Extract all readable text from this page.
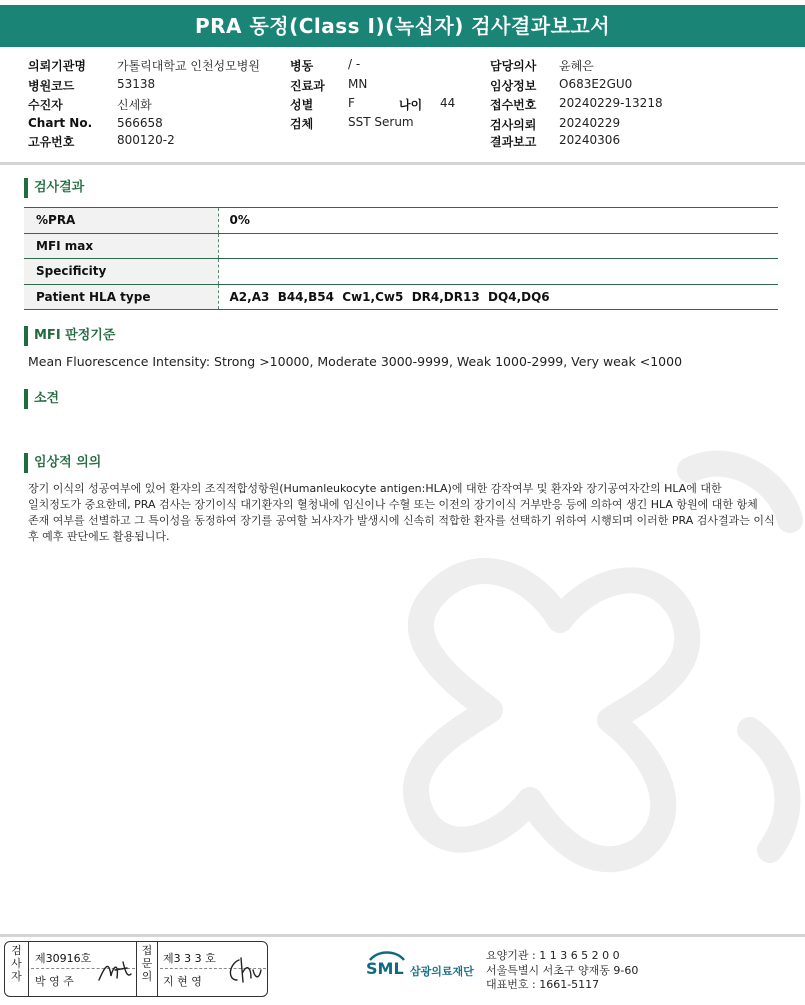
PRA 동정(Class I)(녹십자) 검사결과보고서
의뢰기관명	가톨릭대학교 인천성모병원
병원코드	53138
수진자	신세화
Chart No. 566658
고유번호	800120-2
병동	/ -
진료과 MN
성별	F	나이 44
검체	SST Serum
담당의사 윤혜은
임상정보 O683E2GU0
접수번호 20240229-13218
검사의뢰 20240229
결과보고 20240306
검사결과
%PRA	0%
MFI max	
Specificity	
Patient HLA type	A2,A3  B44,B54  Cw1,Cw5  DR4,DR13  DQ4,DQ6
MFI 판정기준
Mean Fluorescence Intensity: Strong >10000, Moderate 3000-9999, Weak 1000-2999, Very weak <1000
소견
임상적 의의
장기 이식의 성공여부에 있어 환자의 조직적합성항원(Humanleukocyte antigen:HLA)에 대한 감작여부 및 환자와 장기공여자간의 HLA에 대한
일치정도가 중요한데, PRA 검사는 장기이식 대기환자의 혈청내에 임신이나 수혈 또는 이전의 장기이식 거부반응 등에 의하여 생긴 HLA 항원에 대한 항체
존재 여부를 선별하고 그 특이성을 동정하여 장기를 공여할 뇌사자가 발생시에 신속히 적합한 환자를 선택하기 위하여 시행되며 이러한 PRA 검사결과는 이식
후 예후 판단에도 활용됩니다.
검
사
자
제30916호
박 영 주
접
문
의
제3 3 3 호
지 현 영
SML 삼광의료재단
요양기관 : 1 1 3 6 5 2 0 0
서울특별시 서초구 양재동 9-60
대표번호 : 1661-5117
